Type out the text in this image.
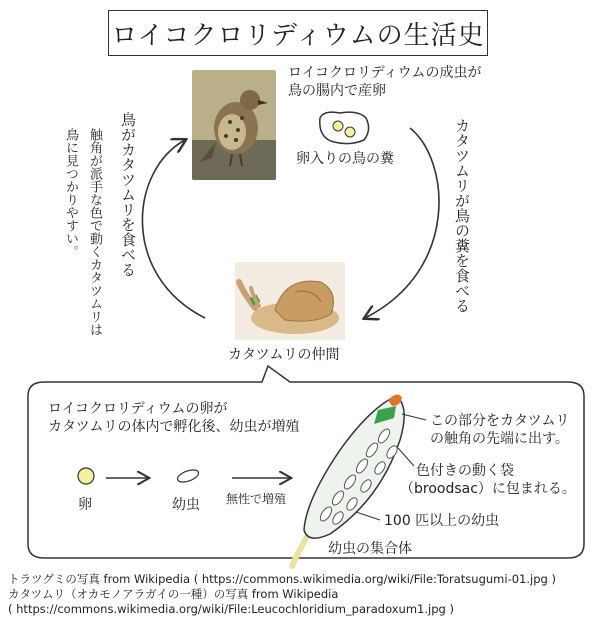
ロイコクロリディウムの生活史
ロイコクロリディウムの成虫が
鳥の腸内で産卵
卵入りの鳥の糞	カタツムリが鳥の糞を食べる
鳥がカタツムリを食べる
触角が派手な色で動くカタツムリは
鳥に見つかりやすい。
カタツムリの仲間
ロイコクロリディウムの卵が
カタツムリの体内で孵化後、幼虫が増殖
卵	幼虫 無性で増殖
この部分をカタツムリ
の触角の先端に出す。
色付きの動く袋
（broodsac）に包まれる。
100 匹以上の幼虫
幼虫の集合体
トラツグミの写真 from Wikipedia ( https://commons.wikimedia.org/wiki/File:Toratsugumi-01.jpg )
カタツムリ（オカモノアラガイの一種）の写真 from Wikipedia
( https://commons.wikimedia.org/wiki/File:Leucochloridium_paradoxum1.jpg )
